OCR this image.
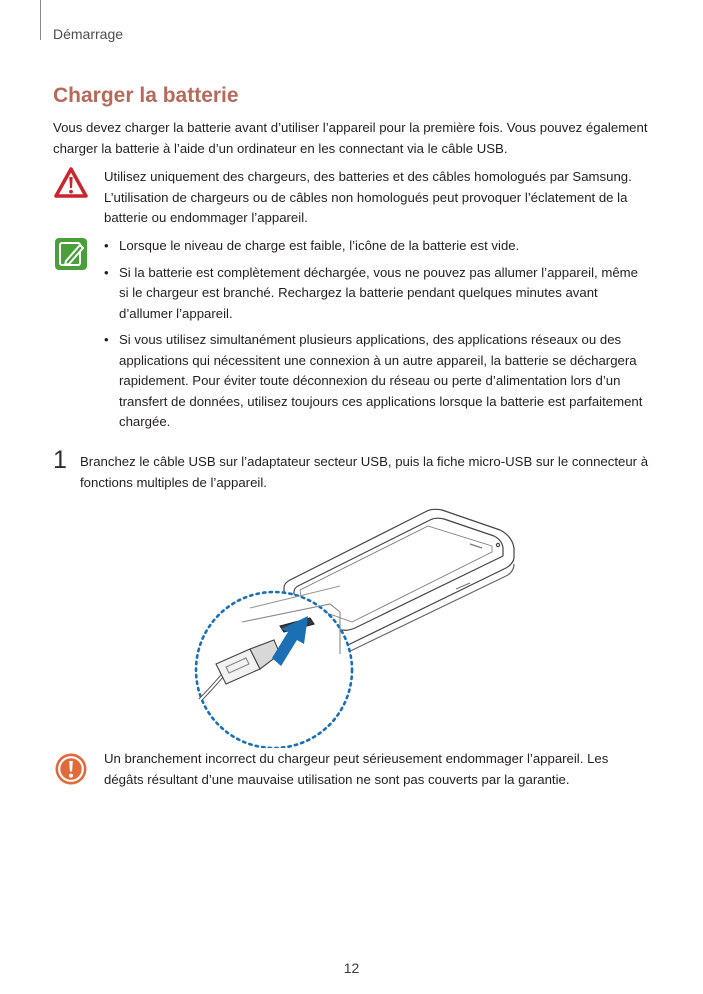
Démarrage
Charger la batterie
Vous devez charger la batterie avant d’utiliser l’appareil pour la première fois. Vous pouvez également charger la batterie à l’aide d’un ordinateur en les connectant via le câble USB.
Utilisez uniquement des chargeurs, des batteries et des câbles homologués par Samsung. L’utilisation de chargeurs ou de câbles non homologués peut provoquer l’éclatement de la batterie ou endommager l’appareil.
• Lorsque le niveau de charge est faible, l’icône de la batterie est vide.
• Si la batterie est complètement déchargée, vous ne pouvez pas allumer l’appareil, même si le chargeur est branché. Rechargez la batterie pendant quelques minutes avant d’allumer l’appareil.
• Si vous utilisez simultanément plusieurs applications, des applications réseaux ou des applications qui nécessitent une connexion à un autre appareil, la batterie se déchargera rapidement. Pour éviter toute déconnexion du réseau ou perte d’alimentation lors d’un transfert de données, utilisez toujours ces applications lorsque la batterie est parfaitement chargée.
1 Branchez le câble USB sur l’adaptateur secteur USB, puis la fiche micro-USB sur le connecteur à fonctions multiples de l’appareil.
Un branchement incorrect du chargeur peut sérieusement endommager l’appareil. Les dégâts résultant d’une mauvaise utilisation ne sont pas couverts par la garantie.
12
